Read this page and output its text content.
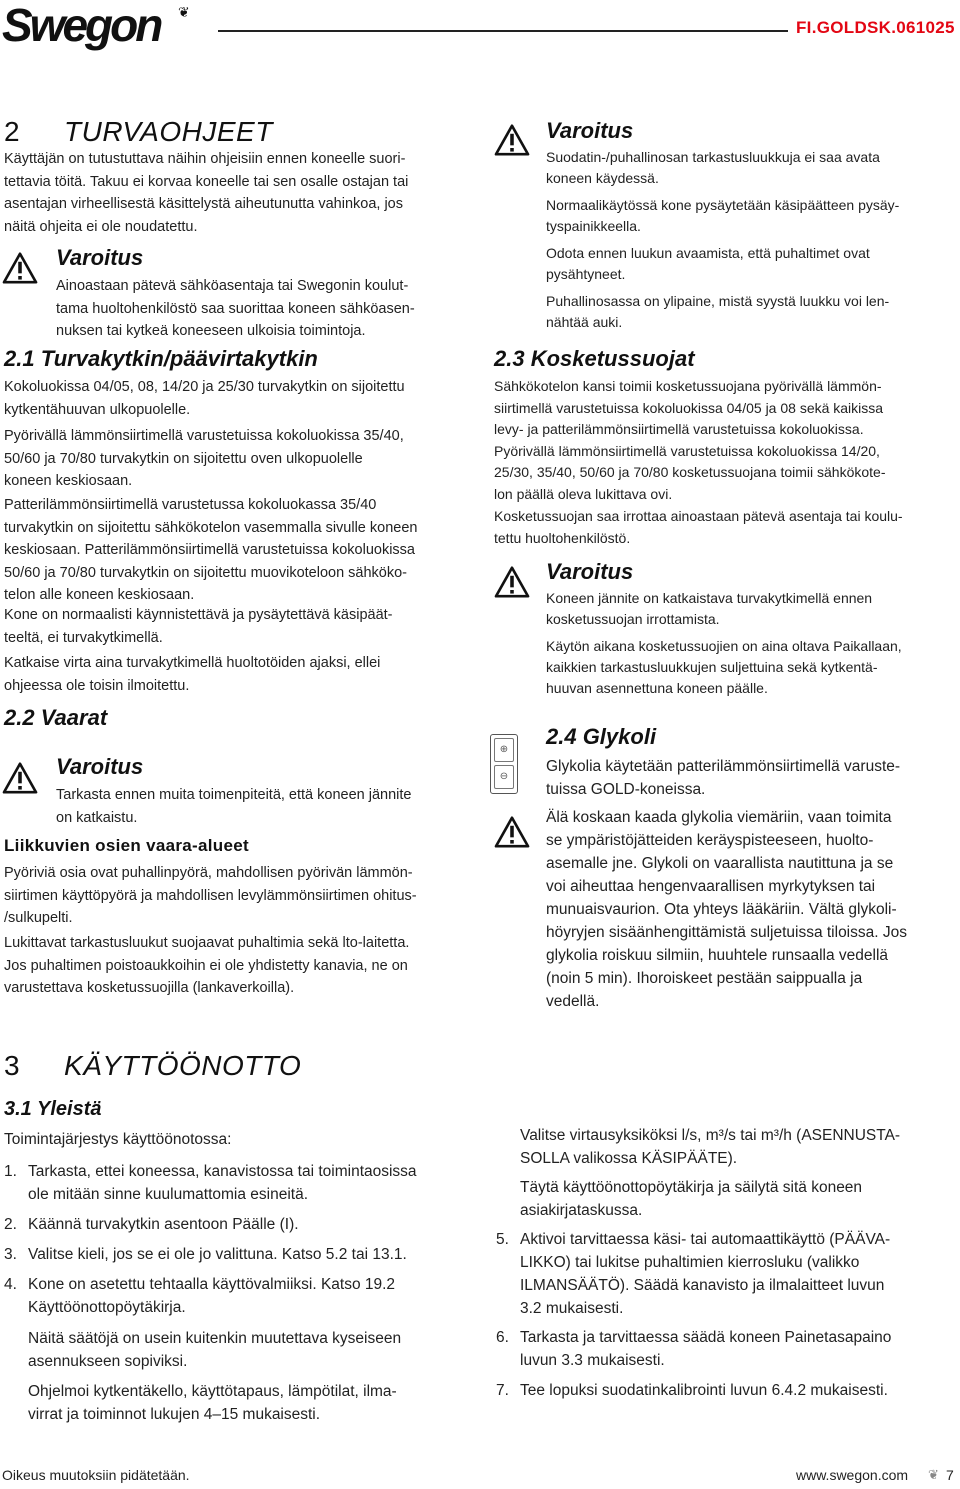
Swegon ❦
FI.GOLDSK.061025
2 TURVAOHJEET
Käyttäjän on tutustuttava näihin ohjeisiin ennen koneelle suori-
tettavia töitä. Takuu ei korvaa koneelle tai sen osalle ostajan tai
asentajan virheellisestä käsittelystä aiheutunutta vahinkoa, jos
näitä ohjeita ei ole noudatettu.
Varoitus
Ainoastaan pätevä sähköasentaja tai Swegonin koulut-
tama huoltohenkilöstö saa suorittaa koneen sähköasen-
nuksen tai kytkeä koneeseen ulkoisia toimintoja.
2.1 Turvakytkin/päävirtakytkin
Kokoluokissa 04/05, 08, 14/20 ja 25/30 turvakytkin on sijoitettu
kytkentähuuvan ulkopuolelle.
Pyörivällä lämmönsiirtimellä varustetuissa kokoluokissa 35/40,
50/60 ja 70/80 turvakytkin on sijoitettu oven ulkopuolelle
koneen keskiosaan.
Patterilämmönsiirtimellä varustetussa kokoluokassa 35/40
turvakytkin on sijoitettu sähkökotelon vasemmalla sivulle koneen
keskiosaan. Patterilämmönsiirtimellä varustetuissa kokoluokissa
50/60 ja 70/80 turvakytkin on sijoitettu muovikoteloon sähkökо-
telon alle koneen keskiosaan.
Kone on normaalisti käynnistettävä ja pysäytettävä käsipäät-
teeltä, ei turvakytkimellä.
Katkaise virta aina turvakytkimellä huoltotöiden ajaksi, ellei
ohjeessa ole toisin ilmoitettu.
2.2 Vaarat
Varoitus
Tarkasta ennen muita toimenpiteitä, että koneen jännite
on katkaistu.
Liikkuvien osien vaara-alueet
Pyöriviä osia ovat puhallinpyörä, mahdollisen pyörivän lämmön-
siirtimen käyttöpyörä ja mahdollisen levylämmönsiirtimen ohitus-
/sulkupelti.
Lukittavat tarkastusluukut suojaavat puhaltimia sekä lto-laitetta.
Jos puhaltimen poistoaukkoihin ei ole yhdistetty kanavia, ne on
varustettava kosketussuojilla (lankaverkoilla).
Varoitus
Suodatin-/puhallinosan tarkastusluukkuja ei saa avata
koneen käydessä.
Normaalikäytössä kone pysäytetään käsipäätteen pysäy-
tyspainikkeella.
Odota ennen luukun avaamista, että puhaltimet ovat
pysähtyneet.
Puhallinosassa on ylipaine, mistä syystä luukku voi len-
nähtää auki.
2.3 Kosketussuojat
Sähkökotelon kansi toimii kosketussuojana pyörivällä lämmön-
siirtimellä varustetuissa kokoluokissa 04/05 ja 08 sekä kaikissa
levy- ja patterilämmönsiirtimellä varustetuissa kokoluokissa.
Pyörivällä lämmönsiirtimellä varustetuissa kokoluokissa 14/20,
25/30, 35/40, 50/60 ja 70/80 kosketussuojana toimii sähkökote-
lon päällä oleva lukittava ovi.
Kosketussuojan saa irrottaa ainoastaan pätevä asentaja tai koulu-
tettu huoltohenkilöstö.
Varoitus
Koneen jännite on katkaistava turvakytkimellä ennen
kosketussuojan irrottamista.
Käytön aikana kosketussuojien on aina oltava Paikallaan,
kaikkien tarkastusluukkujen suljettuina sekä kytkentä-
huuvan asennettuna koneen päälle.
⊕
⊖
2.4 Glykoli
Glykolia käytetään patterilämmönsiirtimellä varuste-
tuissa GOLD-koneissa.
Älä koskaan kaada glykolia viemäriin, vaan toimita
se ympäristöjätteiden keräyspisteeseen, huolto-
asemalle jne. Glykoli on vaarallista nautittuna ja se
voi aiheuttaa hengenvaarallisen myrkytyksen tai
munuaisvaurion. Ota yhteys lääkäriin. Vältä glykoli-
höyryjen sisäänhengittämistä suljetuissa tiloissa. Jos
glykolia roiskuu silmiin, huuhtele runsaalla vedellä
(noin 5 min). Ihoroiskeet pestään saippualla ja
vedellä.
3 KÄYTTÖÖNOTTO
3.1 Yleistä
Toimintajärjestys käyttöönotossa:
1. Tarkasta, ettei koneessa, kanavistossa tai toimintaosissa
ole mitään sinne kuulumattomia esineitä.
2. Käännä turvakytkin asentoon Päälle (I).
3. Valitse kieli, jos se ei ole jo valittuna. Katso 5.2 tai 13.1.
4. Kone on asetettu tehtaalla käyttövalmiiksi. Katso 19.2
Käyttöönottopöytäkirja.
Näitä säätöjä on usein kuitenkin muutettava kyseiseen
asennukseen sopiviksi.
Ohjelmoi kytkentäkello, käyttötapaus, lämpötilat, ilma-
virrat ja toiminnot lukujen 4–15 mukaisesti.
Valitse virtausyksiköksi l/s, m³/s tai m³/h (ASENNUSTA-
SOLLA valikossa KÄSIPÄÄTE).
Täytä käyttöönottopöytäkirja ja säilytä sitä koneen
asiakirjataskussa.
5. Aktivoi tarvittaessa käsi- tai automaattikäyttö (PÄÄVA-
LIKKO) tai lukitse puhaltimien kierrosluku (valikko
ILMANSÄÄTÖ). Säädä kanavisto ja ilmalaitteet luvun
3.2 mukaisesti.
6. Tarkasta ja tarvittaessa säädä koneen Painetasapaino
luvun 3.3 mukaisesti.
7. Tee lopuksi suodatinkalibrointi luvun 6.4.2 mukaisesti.
Oikeus muutoksiin pidätetään.	www.swegon.com ❦ 7
